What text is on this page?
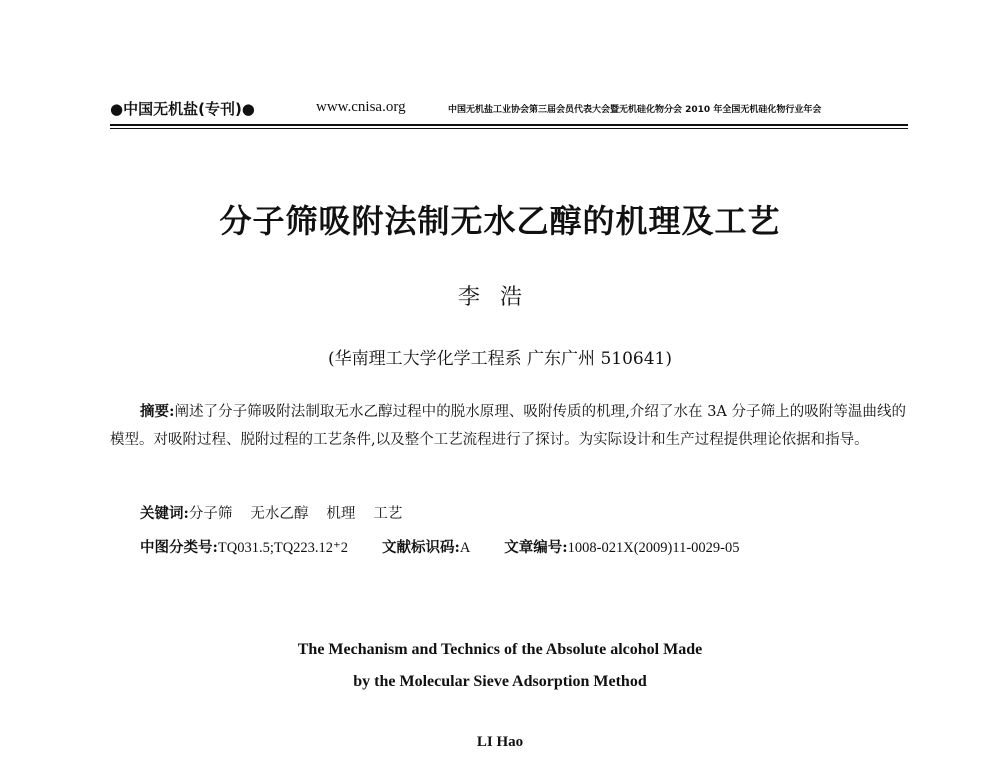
●中国无机盐(专刊)●	www.cnisa.org	中国无机盐工业协会第三届会员代表大会暨无机硅化物分会 2010 年全国无机硅化物行业年会
分子筛吸附法制无水乙醇的机理及工艺
李浩
(华南理工大学化学工程系 广东广州 510641)

摘要:阐述了分子筛吸附法制取无水乙醇过程中的脱水原理、吸附传质的机理,介绍了水在 3A 分子筛上的吸附等温曲线的模型。对吸附过程、脱附过程的工艺条件,以及整个工艺流程进行了探讨。为实际设计和生产过程提供理论依据和指导。

关键词:分子筛 无水乙醇 机理 工艺
中图分类号:TQ031.5;TQ223.12⁺2 文献标识码:A 文章编号:1008-021X(2009)11-0029-05
The Mechanism and Technics of the Absolute alcohol Made
by the Molecular Sieve Adsorption Method
LI Hao
